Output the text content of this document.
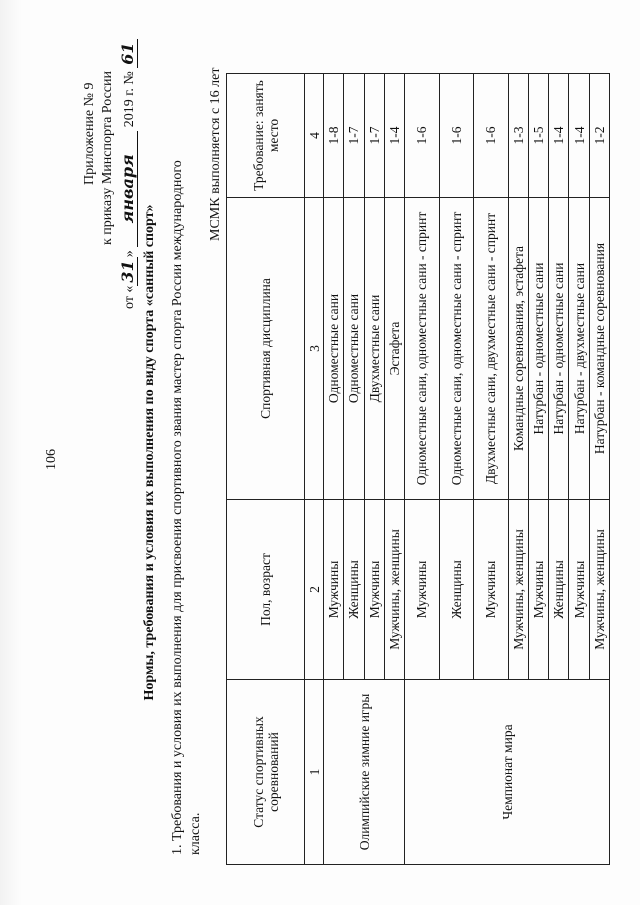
106
Приложение № 9 к приказу Минспорта России
от «31» января 2019 г. № 61
Нормы, требования и условия их выполнения по виду спорта «санный спорт» 1. Требования и условия их выполнения для присвоения спортивного звания мастер спорта России международного класса.
МСМК выполняется с 16 лет
Статус спортивных соревнований	Пол, возраст	Спортивная дисциплина	Требование: занять место
1	2	3	4
Олимпийские зимние игры	Мужчины	Одноместные сани	1-8
	Женщины	Одноместные сани	1-7
	Мужчины	Двухместные сани	1-7
	Мужчины, женщины	Эстафета	1-4
Чемпионат мира	Мужчины	Одноместные сани, одноместные сани - спринт	1-6
	Женщины	Одноместные сани, одноместные сани - спринт	1-6
	Мужчины	Двухместные сани, двухместные сани - спринт	1-6
	Мужчины, женщины	Командные соревнования, эстафета	1-3
	Мужчины	Натурбан - одноместные сани	1-5
	Женщины	Натурбан - одноместные сани	1-4
	Мужчины	Натурбан - двухместные сани	1-4
	Мужчины, женщины	Натурбан - командные соревнования	1-2
